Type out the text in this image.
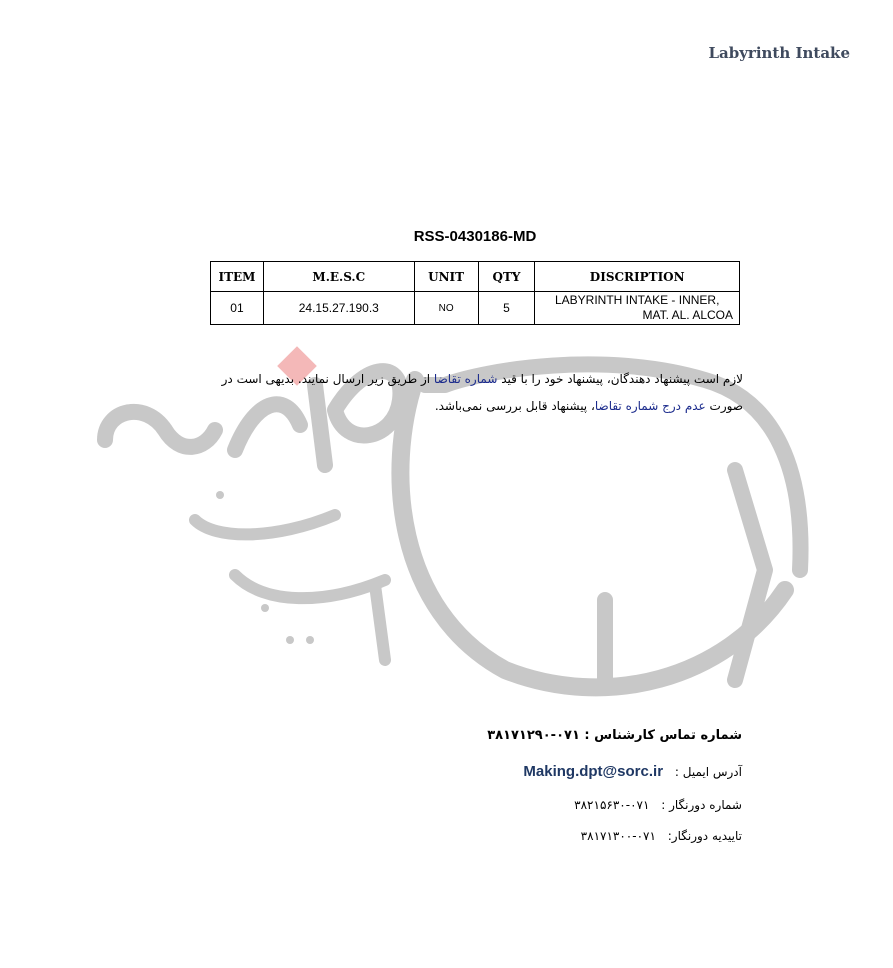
Labyrinth Intake
RSS-0430186-MD
ITEM	M.E.S.C	UNIT	QTY	DISCRIPTION
01	24.15.27.190.3	NO	5	LABYRINTH INTAKE - INNER,
MAT. AL. ALCOA
لازم است پیشنهاد دهندگان، پیشنهاد خود را با قید شماره تقاضا از طریق زیر ارسال نمایند. بدیهی است در صورت عدم درج شماره تقاضا، پیشنهاد قابل بررسی نمی‌باشد.
شماره تماس کارشناس : ۰۷۱-۳۸۱۷۱۲۹۰
آدرس ایمیل : Making.dpt@sorc.ir
شماره دورنگار : ۰۷۱-۳۸۲۱۵۶۳۰
تاییدیه دورنگار: ۰۷۱-۳۸۱۷۱۳۰۰
